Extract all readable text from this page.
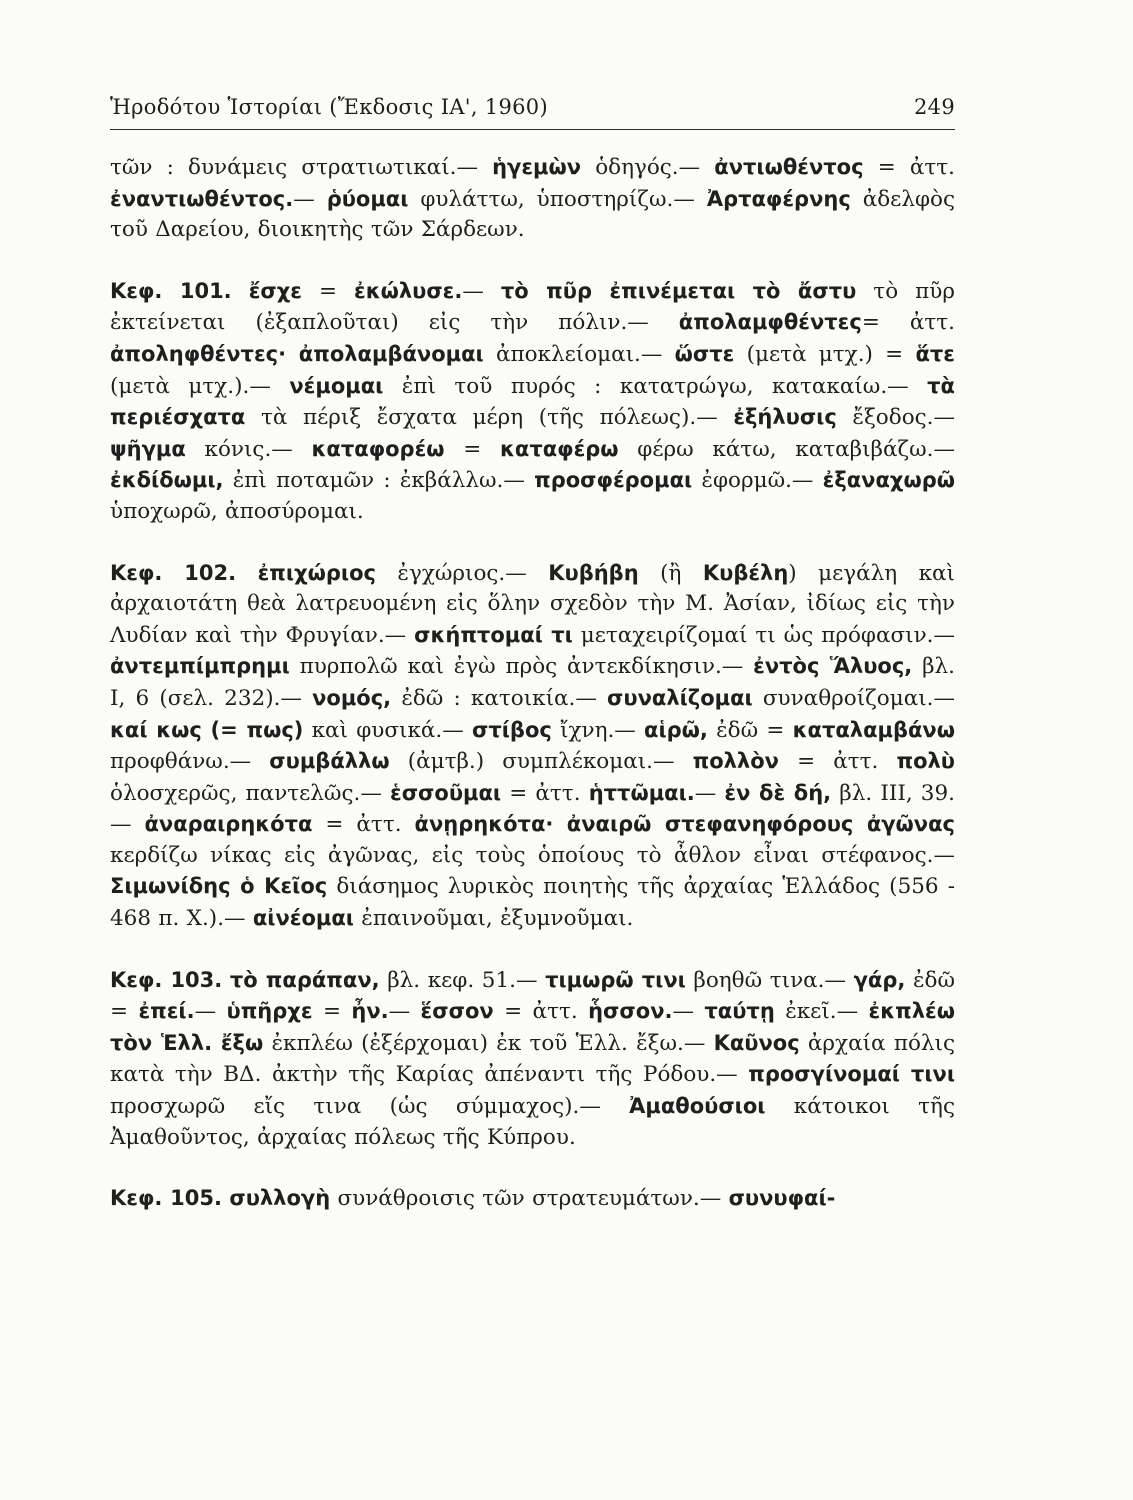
Ἡροδότου Ἱστορίαι (Ἔκδοσις ΙΑ', 1960)	249

τῶν : δυνάμεις στρατιωτικαί.— ἡγεμὼν ὁδηγός.— ἀντιωθέντος = ἀττ. ἐναντιωθέντος.— ῥύομαι φυλάττω, ὑποστηρίζω.— Ἀρταφέρνης ἀδελφὸς τοῦ Δαρείου, διοικητὴς τῶν Σάρδεων.

Κεφ. 101. ἔσχε = ἐκώλυσε.— τὸ πῦρ ἐπινέμεται τὸ ἄστυ τὸ πῦρ ἐκτείνεται (ἐξαπλοῦται) εἰς τὴν πόλιν.— ἀπολαμφθέντες= ἀττ. ἀποληφθέντες· ἀπολαμβάνομαι ἀποκλείομαι.— ὥστε (μετὰ μτχ.) = ἅτε (μετὰ μτχ.).— νέμομαι ἐπὶ τοῦ πυρός : κατατρώγω, κατακαίω.— τὰ περιέσχατα τὰ πέριξ ἔσχατα μέρη (τῆς πόλεως).— ἐξήλυσις ἔξοδος.— ψῆγμα κόνις.— καταφορέω = καταφέρω φέρω κάτω, καταβιβάζω.— ἐκδίδωμι, ἐπὶ ποταμῶν : ἐκβάλλω.— προσφέρομαι ἐφορμῶ.— ἐξαναχωρῶ ὑποχωρῶ, ἀποσύρομαι.

Κεφ. 102. ἐπιχώριος ἐγχώριος.— Κυβήβη (ἢ Κυβέλη) μεγάλη καὶ ἀρχαιοτάτη θεὰ λατρευομένη εἰς ὅλην σχεδὸν τὴν Μ. Ἀσίαν, ἰδίως εἰς τὴν Λυδίαν καὶ τὴν Φρυγίαν.— σκήπτομαί τι μεταχειρίζομαί τι ὡς πρόφασιν.— ἀντεμπίμπρημι πυρπολῶ καὶ ἐγὼ πρὸς ἀντεκδίκησιν.— ἐντὸς Ἅλυος, βλ. Ι, 6 (σελ. 232).— νομός, ἐδῶ : κατοικία.— συναλίζομαι συναθροίζομαι.— καί κως (= πως) καὶ φυσικά.— στίβος ἴχνη.— αἱρῶ, ἐδῶ = καταλαμβάνω προφθάνω.— συμβάλλω (ἀμτβ.) συμπλέκομαι.— πολλὸν = ἀττ. πολὺ ὁλοσχερῶς, παντελῶς.— ἑσσοῦμαι = ἀττ. ἡττῶμαι.— ἐν δὲ δή, βλ. ΙΙΙ, 39.— ἀναραιρηκότα = ἀττ. ἀνῃρηκότα· ἀναιρῶ στεφανηφόρους ἀγῶνας κερδίζω νίκας εἰς ἀγῶνας, εἰς τοὺς ὁποίους τὸ ἆθλον εἶναι στέφανος.— Σιμωνίδης ὁ Κεῖος διάσημος λυρικὸς ποιητὴς τῆς ἀρχαίας Ἑλλάδος (556 - 468 π. Χ.).— αἰνέομαι ἐπαινοῦμαι, ἐξυμνοῦμαι.

Κεφ. 103. τὸ παράπαν, βλ. κεφ. 51.— τιμωρῶ τινι βοηθῶ τινα.— γάρ, ἐδῶ = ἐπεί.— ὑπῆρχε = ἦν.— ἕσσον = ἀττ. ἧσσον.— ταύτῃ ἐκεῖ.— ἐκπλέω τὸν Ἑλλ. ἔξω ἐκπλέω (ἐξέρχομαι) ἐκ τοῦ Ἑλλ. ἔξω.— Καῦνος ἀρχαία πόλις κατὰ τὴν ΒΔ. ἀκτὴν τῆς Καρίας ἀπέναντι τῆς Ρόδου.— προσγίνομαί τινι προσχωρῶ εἴς τινα (ὡς σύμμαχος).— Ἀμαθούσιοι κάτοικοι τῆς Ἀμαθοῦντος, ἀρχαίας πόλεως τῆς Κύπρου.

Κεφ. 105. συλλογὴ συνάθροισις τῶν στρατευμάτων.— συνυφαί-
